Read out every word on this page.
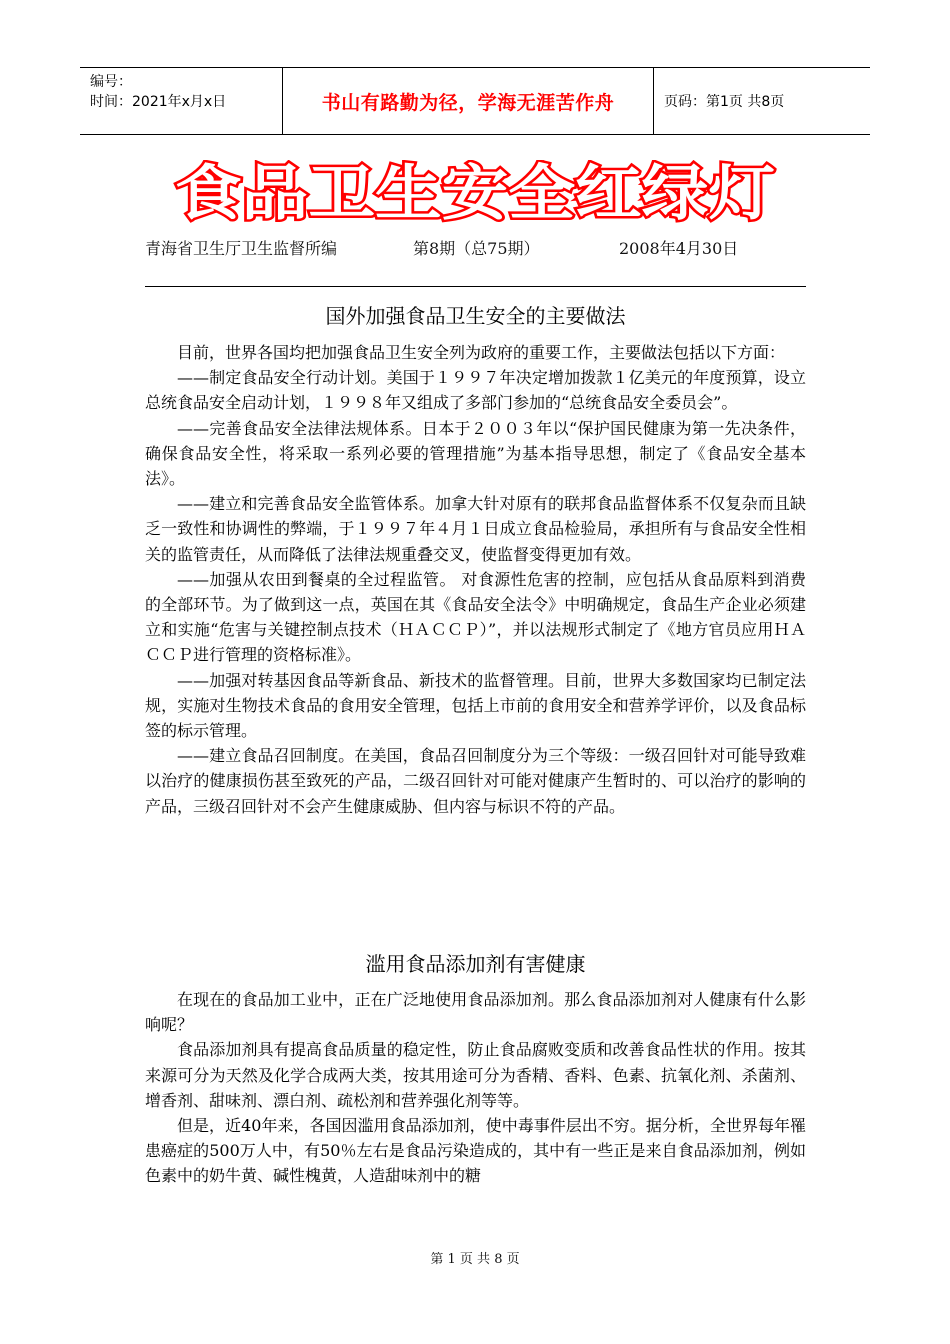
编号：
时间：2021年x月x日	书山有路勤为径，学海无涯苦作舟	页码：第1页 共8页
食品卫生安全红绿灯
青海省卫生厅卫生监督所编	第8期（总75期）	2008年4月30日
国外加强食品卫生安全的主要做法

目前，世界各国均把加强食品卫生安全列为政府的重要工作，主要做法包括以下方面：

——制定食品安全行动计划。美国于１９９７年决定增加拨款１亿美元的年度预算，设立总统食品安全启动计划，１９９８年又组成了多部门参加的“总统食品安全委员会”。

——完善食品安全法律法规体系。日本于２００３年以“保护国民健康为第一先决条件，确保食品安全性，将采取一系列必要的管理措施”为基本指导思想，制定了《食品安全基本法》。

——建立和完善食品安全监管体系。加拿大针对原有的联邦食品监督体系不仅复杂而且缺乏一致性和协调性的弊端，于１９９７年４月１日成立食品检验局，承担所有与食品安全性相关的监管责任，从而降低了法律法规重叠交叉，使监督变得更加有效。

——加强从农田到餐桌的全过程监管。 对食源性危害的控制，应包括从食品原料到消费的全部环节。为了做到这一点，英国在其《食品安全法令》中明确规定，食品生产企业必须建立和实施“危害与关键控制点技术（ＨＡＣＣＰ）”，并以法规形式制定了《地方官员应用ＨＡＣＣＰ进行管理的资格标准》。

——加强对转基因食品等新食品、新技术的监督管理。目前，世界大多数国家均已制定法规，实施对生物技术食品的食用安全管理，包括上市前的食用安全和营养学评价，以及食品标签的标示管理。

——建立食品召回制度。在美国，食品召回制度分为三个等级：一级召回针对可能导致难以治疗的健康损伤甚至致死的产品，二级召回针对可能对健康产生暂时的、可以治疗的影响的产品，三级召回针对不会产生健康威胁、但内容与标识不符的产品。

滥用食品添加剂有害健康

在现在的食品加工业中，正在广泛地使用食品添加剂。那么食品添加剂对人健康有什么影响呢？

食品添加剂具有提高食品质量的稳定性，防止食品腐败变质和改善食品性状的作用。按其来源可分为天然及化学合成两大类，按其用途可分为香精、香料、色素、抗氧化剂、杀菌剂、增香剂、甜味剂、漂白剂、疏松剂和营养强化剂等等。

但是，近40年来，各国因滥用食品添加剂，使中毒事件层出不穷。据分析，全世界每年罹患癌症的500万人中，有50％左右是食品污染造成的，其中有一些正是来自食品添加剂，例如色素中的奶牛黄、碱性槐黄，人造甜味剂中的糖

第 1 页 共 8 页
